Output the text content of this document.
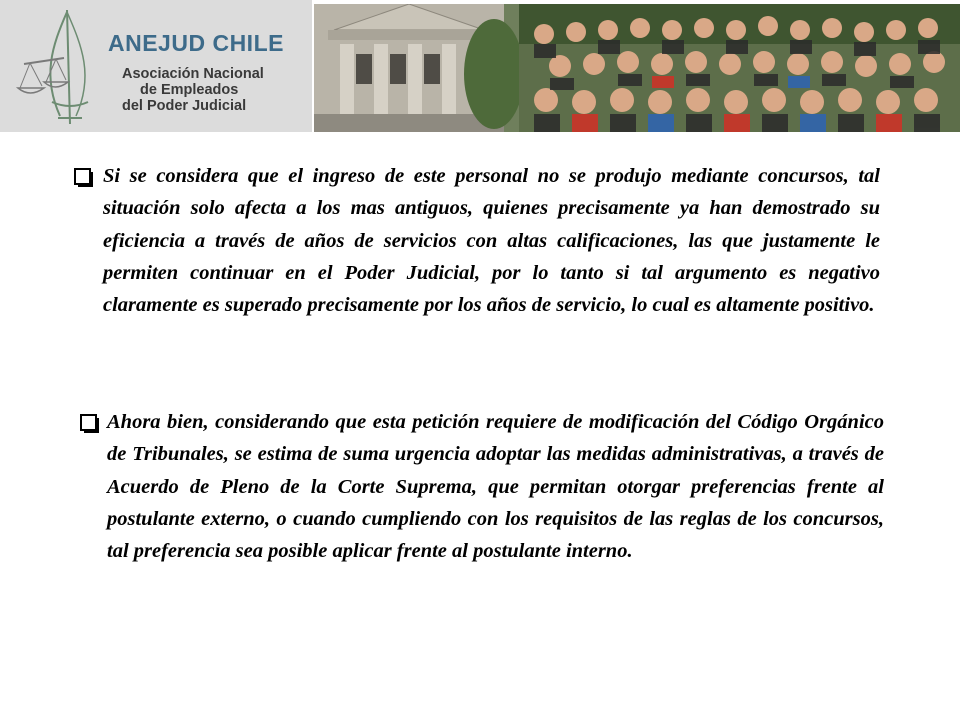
ANEJUD CHILE
Asociación Nacional
de Empleados
del Poder Judicial

Si se considera que el ingreso de este personal no se produjo mediante concursos, tal situación solo afecta a los mas antiguos, quienes precisamente ya han demostrado su eficiencia a través de años de servicios con altas calificaciones, las que justamente le permiten continuar en el Poder Judicial, por lo tanto si tal argumento es negativo claramente es superado precisamente por los años de servicio, lo cual es altamente positivo.

Ahora bien, considerando que esta petición requiere de modificación del Código Orgánico de Tribunales, se estima de suma urgencia adoptar las medidas administrativas, a través de Acuerdo de Pleno de la Corte Suprema, que permitan otorgar preferencias frente al postulante externo, o cuando cumpliendo con los requisitos de las reglas de los concursos, tal preferencia sea posible aplicar frente al postulante interno.
